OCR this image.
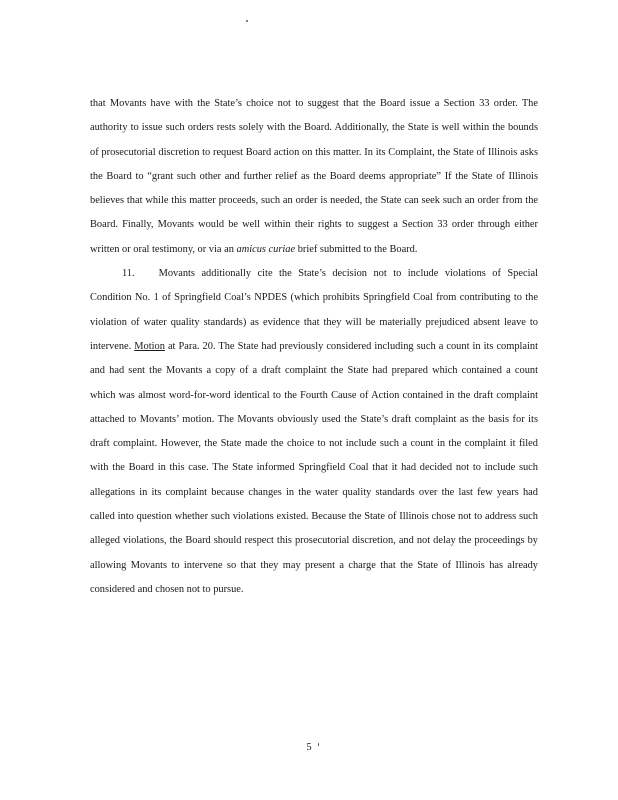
that Movants have with the State’s choice not to suggest that the Board issue a Section 33 order. The authority to issue such orders rests solely with the Board. Additionally, the State is well within the bounds of prosecutorial discretion to request Board action on this matter. In its Complaint, the State of Illinois asks the Board to “grant such other and further relief as the Board deems appropriate” If the State of Illinois believes that while this matter proceeds, such an order is needed, the State can seek such an order from the Board. Finally, Movants would be well within their rights to suggest a Section 33 order through either written or oral testimony, or via an amicus curiae brief submitted to the Board.

11. Movants additionally cite the State’s decision not to include violations of Special Condition No. 1 of Springfield Coal’s NPDES (which prohibits Springfield Coal from contributing to the violation of water quality standards) as evidence that they will be materially prejudiced absent leave to intervene. Motion at Para. 20. The State had previously considered including such a count in its complaint and had sent the Movants a copy of a draft complaint the State had prepared which contained a count which was almost word-for-word identical to the Fourth Cause of Action contained in the draft complaint attached to Movants’ motion. The Movants obviously used the State’s draft complaint as the basis for its draft complaint. However, the State made the choice to not include such a count in the complaint it filed with the Board in this case. The State informed Springfield Coal that it had decided not to include such allegations in its complaint because changes in the water quality standards over the last few years had called into question whether such violations existed. Because the State of Illinois chose not to address such alleged violations, the Board should respect this prosecutorial discretion, and not delay the proceedings by allowing Movants to intervene so that they may present a charge that the State of Illinois has already considered and chosen not to pursue.

5
